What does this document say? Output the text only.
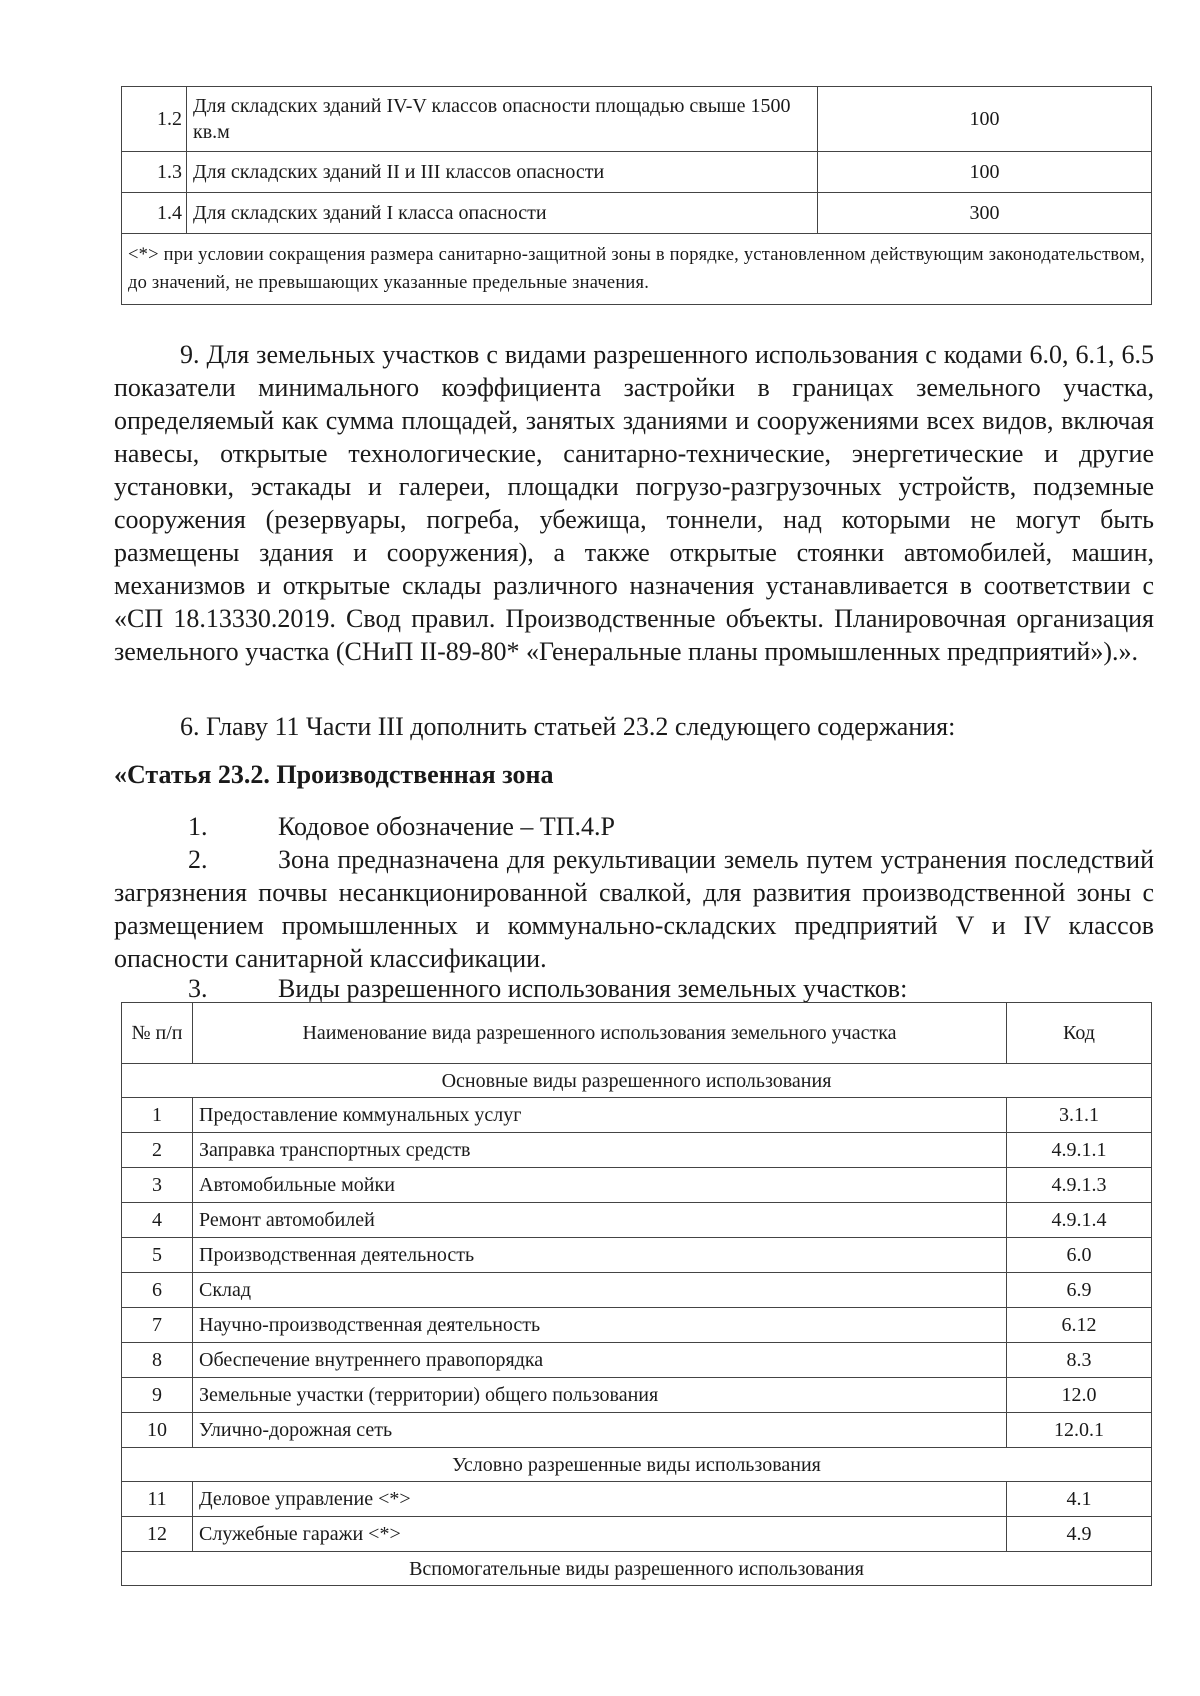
1.2	Для складских зданий IV-V классов опасности площадью свыше 1500 кв.м	100
1.3	Для складских зданий II и III классов опасности	100
1.4	Для складских зданий I класса опасности	300
<*> при условии сокращения размера санитарно-защитной зоны в порядке, установленном действующим законодательством, до значений, не превышающих указанные предельные значения.		
9. Для земельных участков с видами разрешенного использования с кодами 6.0, 6.1, 6.5 показатели минимального коэффициента застройки в границах земельного участка, определяемый как сумма площадей, занятых зданиями и сооружениями всех видов, включая навесы, открытые технологические, санитарно-технические, энергетические и другие установки, эстакады и галереи, площадки погрузо-разгрузочных устройств, подземные сооружения (резервуары, погреба, убежища, тоннели, над которыми не могут быть размещены здания и сооружения), а также открытые стоянки автомобилей, машин, механизмов и открытые склады различного назначения устанавливается в соответствии с «СП 18.13330.2019. Свод правил. Производственные объекты. Планировочная организация земельного участка (СНиП II-89-80* «Генеральные планы промышленных предприятий»).».
6. Главу 11 Части III дополнить статьей 23.2 следующего содержания:
«Статья 23.2. Производственная зона
1.	Кодовое обозначение – ТП.4.Р
2.	Зона предназначена для рекультивации земель путем устранения последствий загрязнения почвы несанкционированной свалкой, для развития производственной зоны с размещением промышленных и коммунально-складских предприятий V и IV классов опасности санитарной классификации.
3.	Виды разрешенного использования земельных участков:
№ п/п	Наименование вида разрешенного использования земельного участка	Код
Основные виды разрешенного использования		
1	Предоставление коммунальных услуг	3.1.1
2	Заправка транспортных средств	4.9.1.1
3	Автомобильные мойки	4.9.1.3
4	Ремонт автомобилей	4.9.1.4
5	Производственная деятельность	6.0
6	Склад	6.9
7	Научно-производственная деятельность	6.12
8	Обеспечение внутреннего правопорядка	8.3
9	Земельные участки (территории) общего пользования	12.0
10	Улично-дорожная сеть	12.0.1
Условно разрешенные виды использования		
11	Деловое управление <*>	4.1
12	Служебные гаражи <*>	4.9
Вспомогательные виды разрешенного использования		
